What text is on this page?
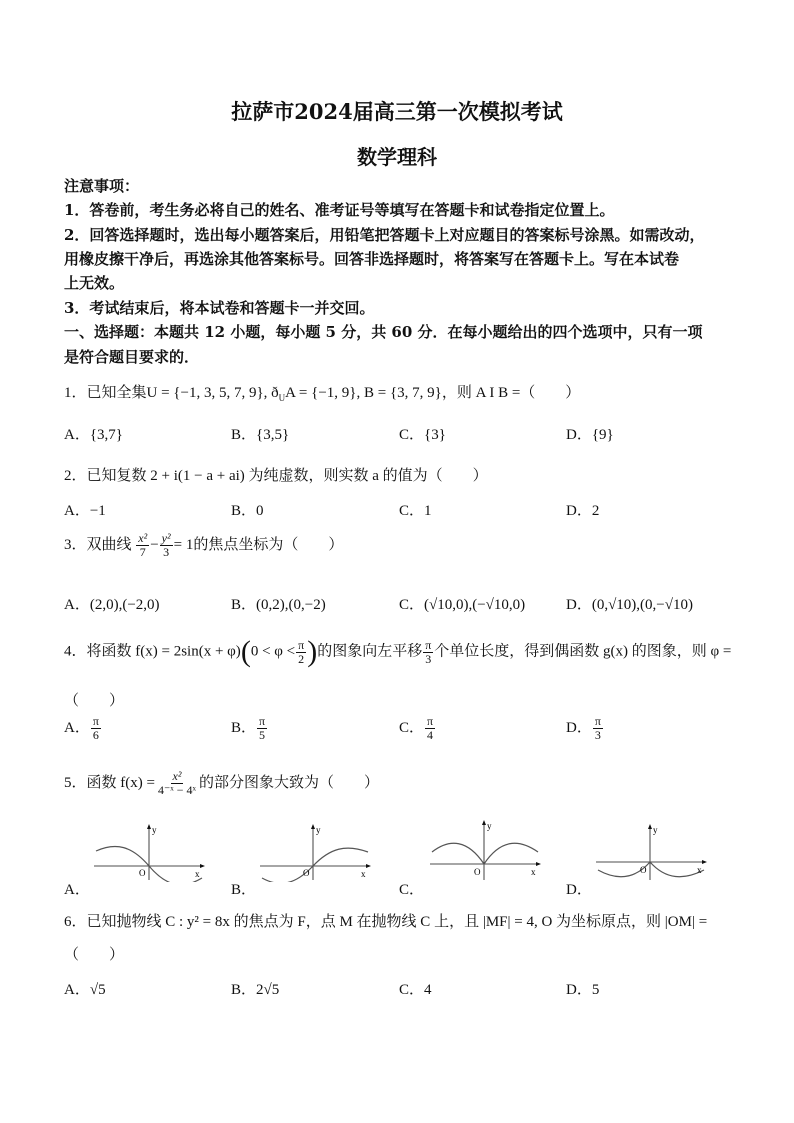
拉萨市2024届高三第一次模拟考试
数学理科
注意事项：
1．答卷前，考生务必将自己的姓名、准考证号等填写在答题卡和试卷指定位置上。
2．回答选择题时，选出每小题答案后，用铅笔把答题卡上对应题目的答案标号涂黑。如需改动，
用橡皮擦干净后，再选涂其他答案标号。回答非选择题时，将答案写在答题卡上。写在本试卷
上无效。
3．考试结束后，将本试卷和答题卡一并交回。
一、选择题：本题共 12 小题，每小题 5 分，共 60 分．在每小题给出的四个选项中，只有一项
是符合题目要求的．
1．已知全集U = {−1, 3, 5, 7, 9}, $ð_UA = \{-1$, 9}, B = {3, 7, 9}，则 A I B =（　　）
A．{3,7}	B．{3,5}	C．{3}	D．{9}
2．已知复数 2 + i(1 − a + ai) 为纯虚数，则实数 a 的值为（　　）
A．−1	B．0	C．1	D．2
3．双曲线 $\frac{\text{x²}}{7} - \frac{\text{y²}}{3} = 1$的焦点坐标为（　　）
A．(2,0),(−2,0)	B．(0,2),(0,−2)	C．(√10,0),(−√10,0)	D．(0,√10),(0,−√10)
4．将函数 $f(x) = 2\sin(x + \varphi)(0 < \varphi < \frac{\pi}{2}$ )的图象向左平移 $\frac{\pi}{3}$ 个单位长度，得到偶函数 g(x) 的图象，则 φ =
（　　）
A． $\frac{\pi}{6}$	B． $\frac{\pi}{5}$	C． $\frac{\pi}{4}$	D． $\frac{\pi}{3}$
5．函数 $f(x) = \frac{\text{x²}}{\text{4⁻ˣ − 4ˣ}}$ 的部分图象大致为（　　）
A．
y
x
O
B．
y
x
O
C．
y
x
O
D．
y
x
O
6．已知抛物线 C : y² = 8x 的焦点为 F，点 M 在抛物线 C 上，且 |MF| = 4, O 为坐标原点，则 |OM| =
（　　）
A．√5	B．2√5	C．4	D．5
